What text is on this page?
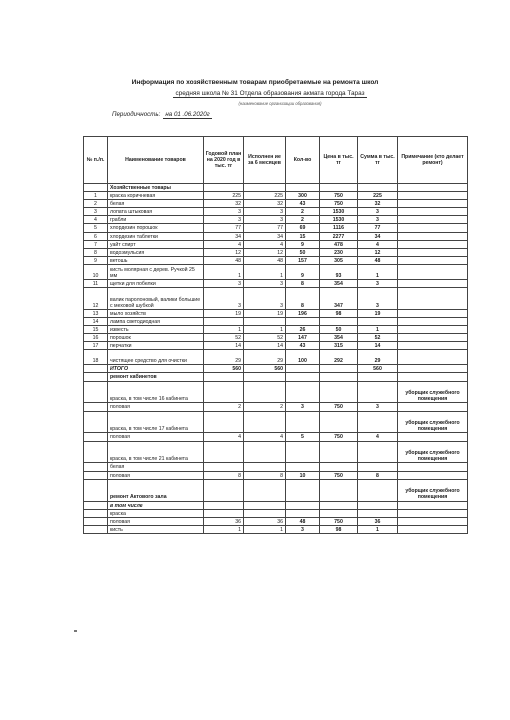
Информация по хозяйственным товарам приобретаемые на ремонта школ
средняя школа № 31 Отдела образования акмата города Тараз
(наименование организации образования)
Периодичность: на 01 .06.2020г
№ п./п.	Наименование товаров	Годовой план на 2020 год в тыс. тг	Исполнен ие за 6 месяцев	Кол-во	Цена в тыс. тг	Сумма в тыс. тг	Примечание (кто делает ремонт)
	Хозяйственные товары						
1	краска коричневая	225	225	300	750	225	
2	белая	32	32	43	750	32	
3	лопата штыковая	3	3	2	1530	3	
4	грабли	3	3	2	1530	3	
5	хлордезин порошок	77	77	69	1116	77	
6	хлордезин таблетки	34	34	15	2277	34	
7	уайт спирт	4	4	9	478	4	
8	водоэмульсия	12	12	50	230	12	
9	ветошь	48	48	157	305	48	
10	кисть молярная с дерев. Ручкой 25 мм	1	1	9	93	1	
11	щетки для побелки	3	3	8	354	3	
12	валик паролоновый, валики большие с меховой шубкой	3	3	8	347	3	
13	мыло хозяйств	19	19	196	98	19	
14	лампа светодиодная						
15	известь	1	1	26	50	1	
16	порошок	52	52	147	354	52	
17	перчатки	14	14	43	315	14	
18	чистящее средство для очистки	29	29	100	292	29	
	ИТОГО	560	560			560	
	ремонт кабинетов						
	краска, в том числе 16 кабинета						уборщик служебного помещения
	половая	2	2	3	750	3	
	краска, в том числе 17 кабинета						уборщик служебного помещения
	половая	4	4	5	750	4	
	краска, в том числе 21 кабинета						уборщик служебного помещения
	белая						
	половая	8	8	10	750	8	
	ремонт Актового зала						уборщик служебного помещения
	в том числе						
	краска						
	половая	36	36	48	750	36	
	кисть	1	1	3	98	1	
